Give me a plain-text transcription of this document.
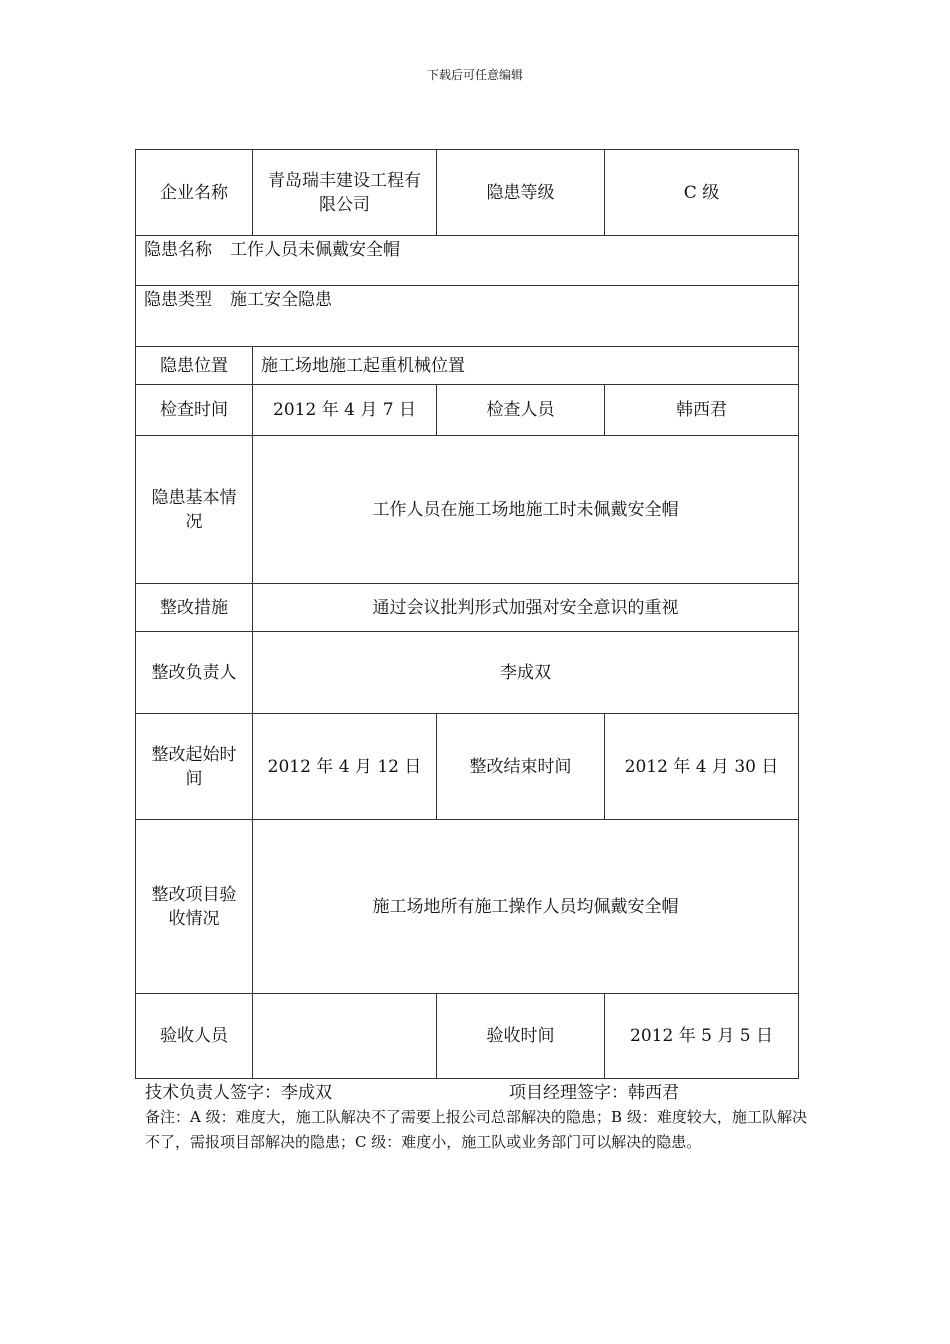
下载后可任意编辑
企业名称	青岛瑞丰建设工程有限公司	隐患等级	C 级
隐患名称 工作人员未佩戴安全帽			
隐患类型 施工安全隐患			
隐患位置	施工场地施工起重机械位置		
检查时间	2012 年 4 月 7 日	检查人员	韩西君
隐患基本情况	工作人员在施工场地施工时未佩戴安全帽		
整改措施	通过会议批判形式加强对安全意识的重视		
整改负责人	李成双		
整改起始时间	2012 年 4 月 12 日	整改结束时间	2012 年 4 月 30 日
整改项目验收情况	施工场地所有施工操作人员均佩戴安全帽		
验收人员		验收时间	2012 年 5 月 5 日
技术负责人签字：李成双	项目经理签字：韩西君
备注：A 级：难度大，施工队解决不了需要上报公司总部解决的隐患；B 级：难度较大，施工队解决不了，需报项目部解决的隐患；C 级：难度小，施工队或业务部门可以解决的隐患。
